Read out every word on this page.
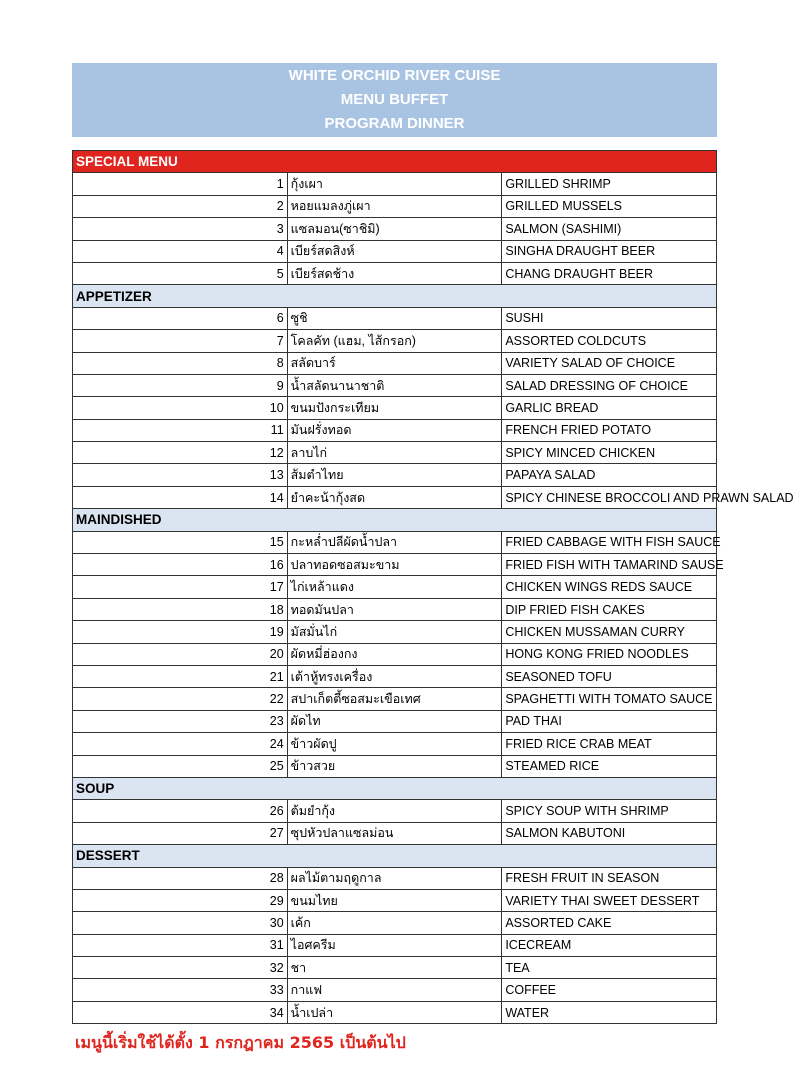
WHITE ORCHID RIVER CUISE
MENU BUFFET
PROGRAM DINNER
SPECIAL MENU		
1	กุ้งเผา	GRILLED SHRIMP
2	หอยแมลงภู่เผา	GRILLED MUSSELS
3	แซลมอน(ซาชิมิ)	SALMON (SASHIMI)
4	เบียร์สดสิงห์	SINGHA DRAUGHT BEER
5	เบียร์สดช้าง	CHANG DRAUGHT BEER
APPETIZER		
6	ซูชิ	SUSHI
7	โคลคัท (แฮม, ไส้กรอก)	ASSORTED COLDCUTS
8	สลัดบาร์	VARIETY SALAD OF CHOICE
9	น้ำสลัดนานาชาติ	SALAD DRESSING OF CHOICE
10	ขนมปังกระเทียม	GARLIC BREAD
11	มันฝรั่งทอด	FRENCH FRIED POTATO
12	ลาบไก่	SPICY MINCED CHICKEN
13	ส้มตำไทย	PAPAYA SALAD
14	ยำคะน้ากุ้งสด	SPICY CHINESE BROCCOLI AND PRAWN SALAD
MAINDISHED		
15	กะหล่ำปลีผัดน้ำปลา	FRIED CABBAGE WITH FISH SAUCE
16	ปลาทอดซอสมะขาม	FRIED FISH WITH TAMARIND SAUSE
17	ไก่เหล้าแดง	CHICKEN WINGS REDS SAUCE
18	ทอดมันปลา	DIP FRIED FISH CAKES
19	มัสมั่นไก่	CHICKEN MUSSAMAN CURRY
20	ผัดหมี่ฮ่องกง	HONG KONG FRIED NOODLES
21	เต้าหู้ทรงเครื่อง	SEASONED TOFU
22	สปาเก็ตตี้ซอสมะเขือเทศ	SPAGHETTI WITH TOMATO SAUCE
23	ผัดไท	PAD THAI
24	ข้าวผัดปู	FRIED RICE CRAB MEAT
25	ข้าวสวย	STEAMED RICE
SOUP		
26	ต้มยำกุ้ง	SPICY SOUP WITH SHRIMP
27	ซุปหัวปลาแซลม่อน	SALMON KABUTONI
DESSERT		
28	ผลไม้ตามฤดูกาล	FRESH FRUIT IN SEASON
29	ขนมไทย	VARIETY THAI SWEET DESSERT
30	เค้ก	ASSORTED CAKE
31	ไอศครีม	ICECREAM
32	ชา	TEA
33	กาแฟ	COFFEE
34	น้ำเปล่า	WATER
เมนูนี้เริ่มใช้ได้ตั้ง 1 กรกฎาคม 2565 เป็นต้นไป
